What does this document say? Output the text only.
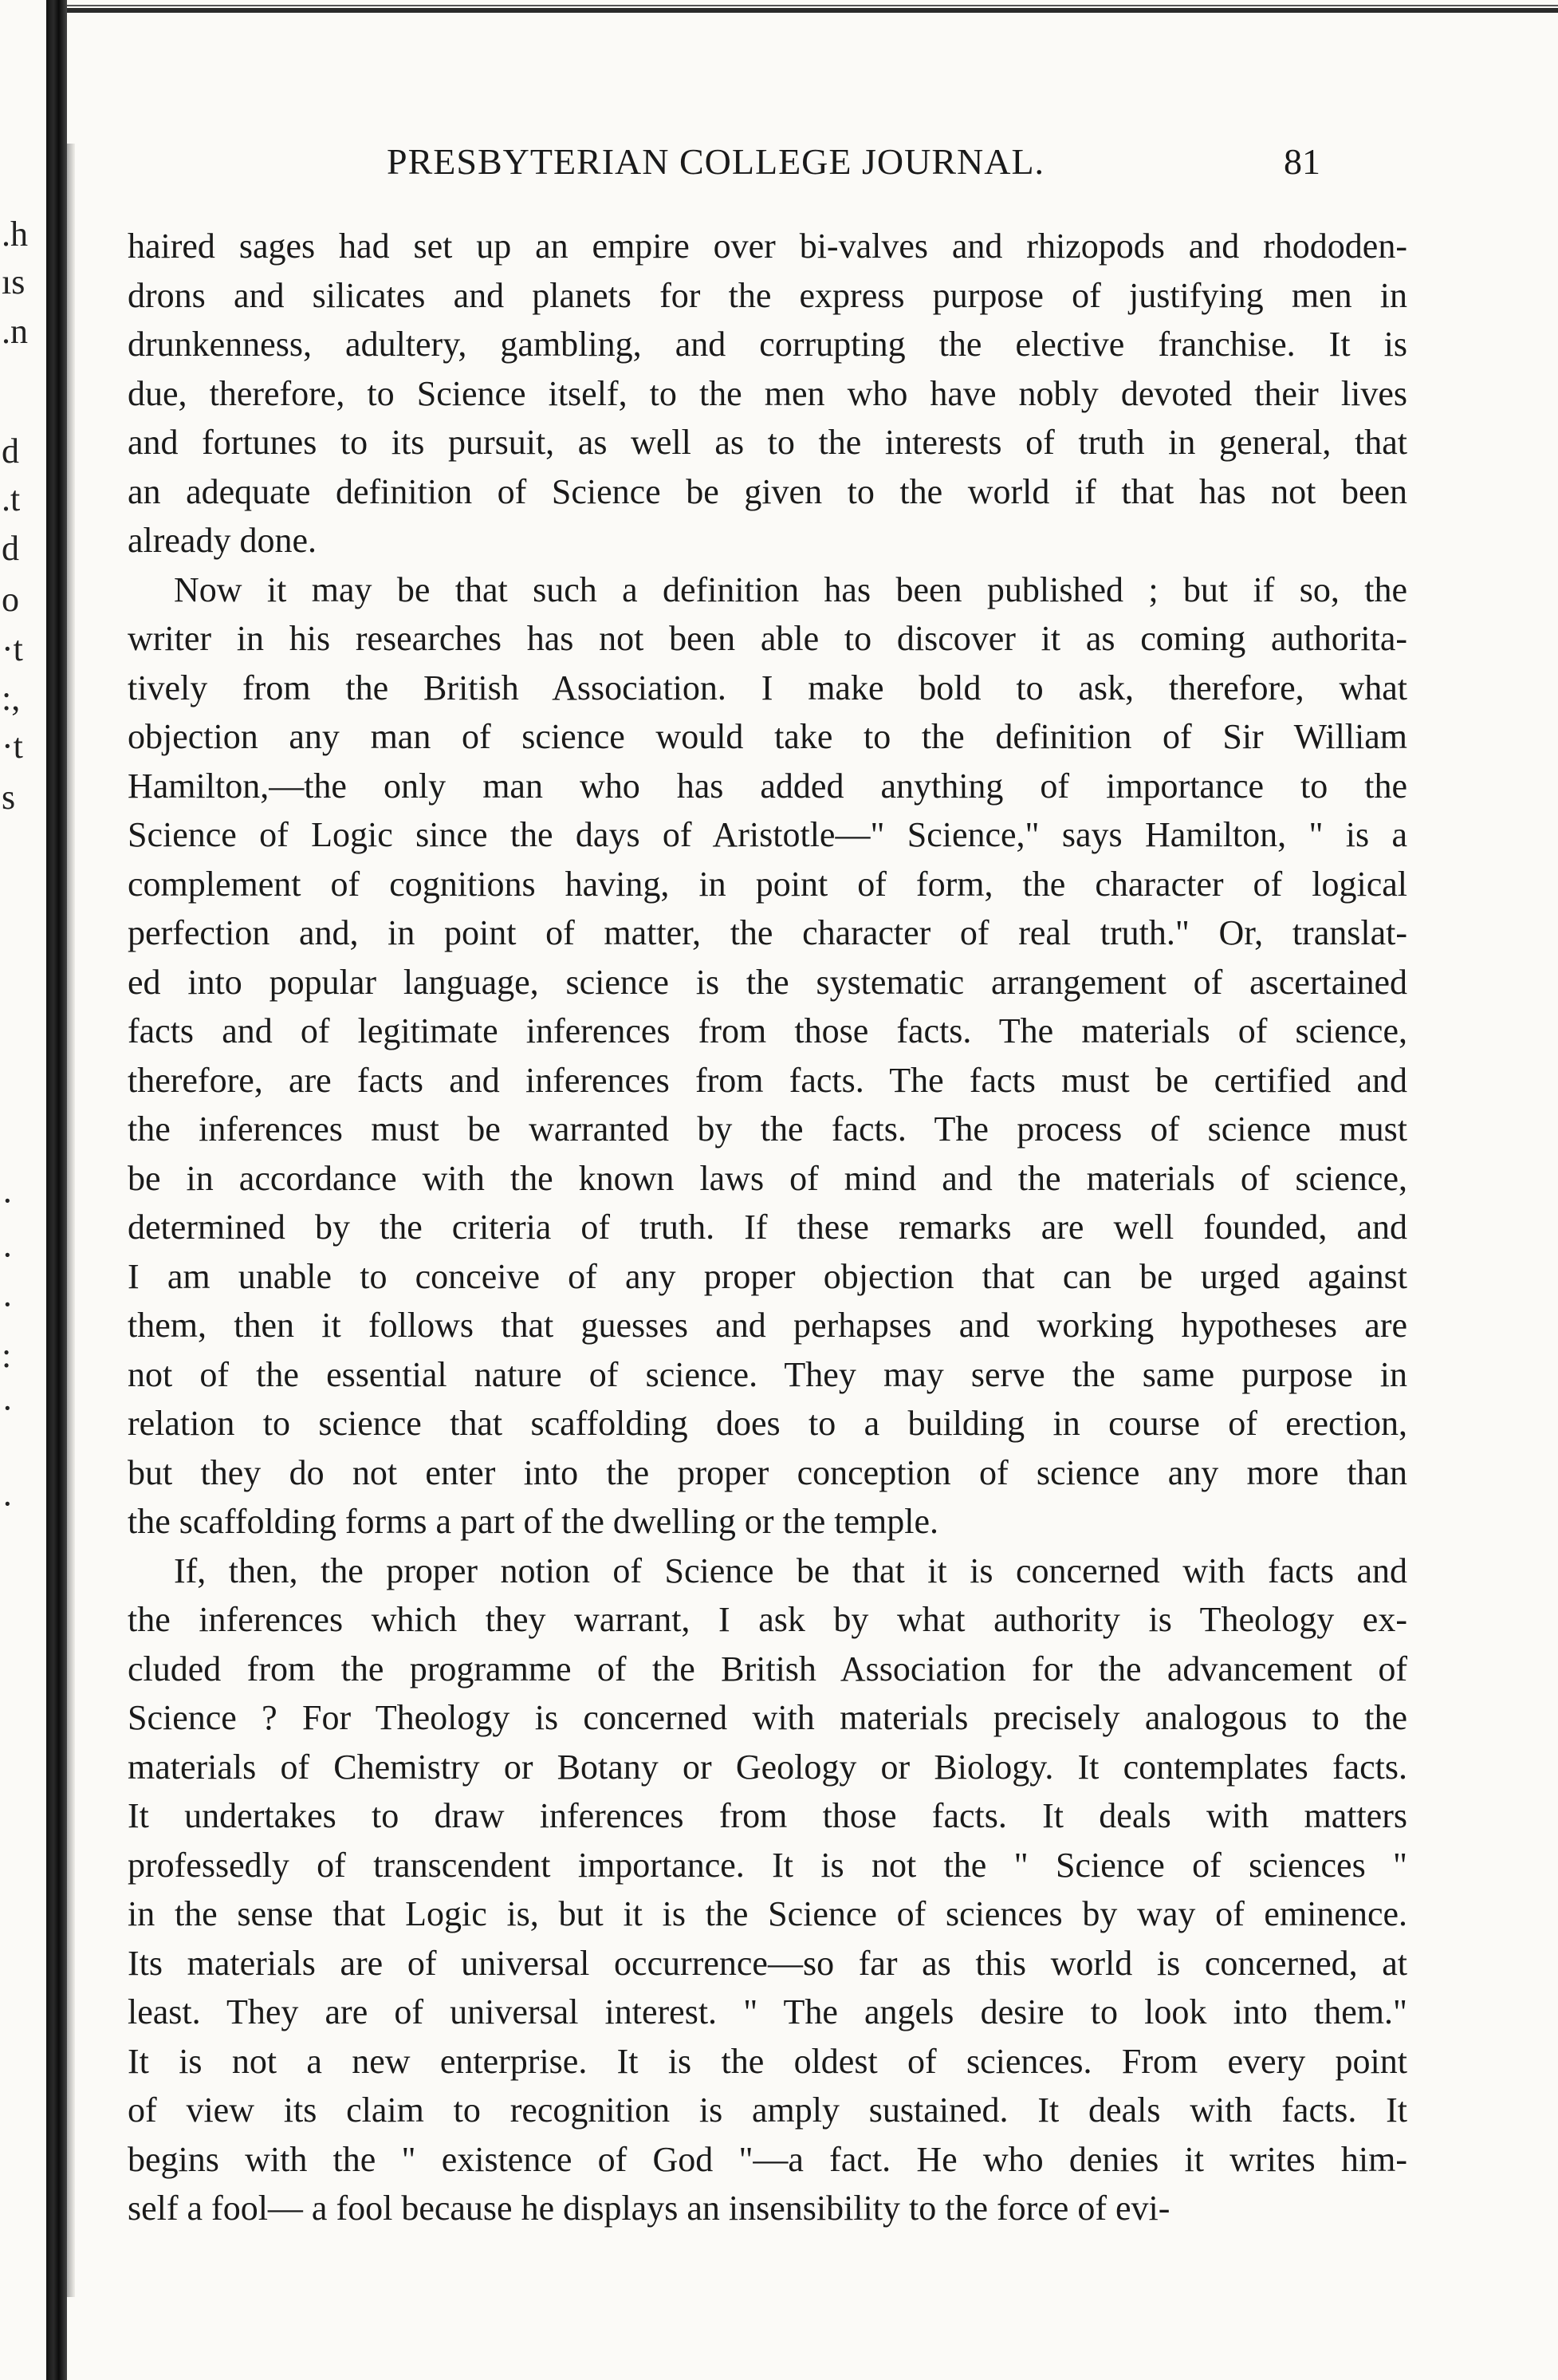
.h
ıs
.n
d
.t
d
o
·t
:,
·t
s
·
·
·
:
·
·
PRESBYTERIAN COLLEGE JOURNAL.	81
haired sages had set up an empire over bi-valves and rhizopods and rhododen-
drons and silicates and planets for the express purpose of justifying men in
drunkenness, adultery, gambling, and corrupting the elective franchise. It is
due, therefore, to Science itself, to the men who have nobly devoted their lives
and fortunes to its pursuit, as well as to the interests of truth in general, that
an adequate definition of Science be given to the world if that has not been
already done.
Now it may be that such a definition has been published ; but if so, the
writer in his researches has not been able to discover it as coming authorita-
tively from the British Association. I make bold to ask, therefore, what
objection any man of science would take to the definition of Sir William
Hamilton,—the only man who has added anything of importance to the
Science of Logic since the days of Aristotle—" Science," says Hamilton, " is a
complement of cognitions having, in point of form, the character of logical
perfection and, in point of matter, the character of real truth." Or, translat-
ed into popular language, science is the systematic arrangement of ascertained
facts and of legitimate inferences from those facts. The materials of science,
therefore, are facts and inferences from facts. The facts must be certified and
the inferences must be warranted by the facts. The process of science must
be in accordance with the known laws of mind and the materials of science,
determined by the criteria of truth. If these remarks are well founded, and
I am unable to conceive of any proper objection that can be urged against
them, then it follows that guesses and perhapses and working hypotheses are
not of the essential nature of science. They may serve the same purpose in
relation to science that scaffolding does to a building in course of erection,
but they do not enter into the proper conception of science any more than
the scaffolding forms a part of the dwelling or the temple.
If, then, the proper notion of Science be that it is concerned with facts and
the inferences which they warrant, I ask by what authority is Theology ex-
cluded from the programme of the British Association for the advancement of
Science ? For Theology is concerned with materials precisely analogous to the
materials of Chemistry or Botany or Geology or Biology. It contemplates facts.
It undertakes to draw inferences from those facts. It deals with matters
professedly of transcendent importance. It is not the " Science of sciences "
in the sense that Logic is, but it is the Science of sciences by way of eminence.
Its materials are of universal occurrence—so far as this world is concerned, at
least. They are of universal interest. " The angels desire to look into them."
It is not a new enterprise. It is the oldest of sciences. From every point
of view its claim to recognition is amply sustained. It deals with facts. It
begins with the " existence of God "—a fact. He who denies it writes him-
self a fool— a fool because he displays an insensibility to the force of evi-
